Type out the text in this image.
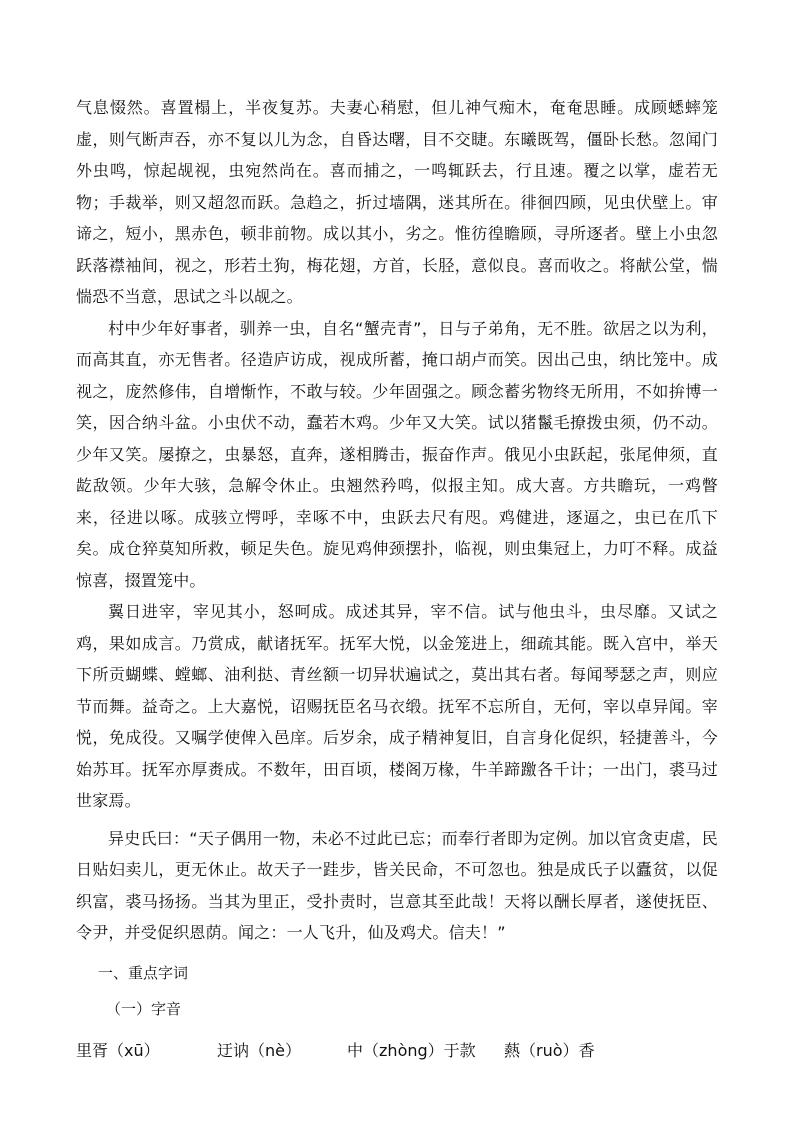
气息惙然。喜置榻上，半夜复苏。夫妻心稍慰，但儿神气痴木，奄奄思睡。成顾蟋蟀笼虚，则气断声吞，亦不复以儿为念，自昏达曙，目不交睫。东曦既驾，僵卧长愁。忽闻门外虫鸣，惊起觇视，虫宛然尚在。喜而捕之，一鸣辄跃去，行且速。覆之以掌，虚若无物；手裁举，则又超忽而跃。急趋之，折过墙隅，迷其所在。徘徊四顾，见虫伏壁上。审谛之，短小，黑赤色，顿非前物。成以其小，劣之。惟彷徨瞻顾，寻所逐者。壁上小虫忽跃落襟袖间，视之，形若土狗，梅花翅，方首，长胫，意似良。喜而收之。将献公堂，惴惴恐不当意，思试之斗以觇之。

村中少年好事者，驯养一虫，自名“蟹壳青”，日与子弟角，无不胜。欲居之以为利，而高其直，亦无售者。径造庐访成，视成所蓄，掩口胡卢而笑。因出己虫，纳比笼中。成视之，庞然修伟，自增惭怍，不敢与较。少年固强之。顾念蓄劣物终无所用，不如拚博一笑，因合纳斗盆。小虫伏不动，蠢若木鸡。少年又大笑。试以猪鬣毛撩拨虫须，仍不动。少年又笑。屡撩之，虫暴怒，直奔，遂相腾击，振奋作声。俄见小虫跃起，张尾伸须，直龁敌领。少年大骇，急解令休止。虫翘然矜鸣，似报主知。成大喜。方共瞻玩，一鸡瞥来，径进以啄。成骇立愕呼，幸啄不中，虫跃去尺有咫。鸡健进，逐逼之，虫已在爪下矣。成仓猝莫知所救，顿足失色。旋见鸡伸颈摆扑，临视，则虫集冠上，力叮不释。成益惊喜，掇置笼中。

翼日进宰，宰见其小，怒呵成。成述其异，宰不信。试与他虫斗，虫尽靡。又试之鸡，果如成言。乃赏成，献诸抚军。抚军大悦，以金笼进上，细疏其能。既入宫中，举天下所贡蝴蝶、螳螂、油利挞、青丝额一切异状遍试之，莫出其右者。每闻琴瑟之声，则应节而舞。益奇之。上大嘉悦，诏赐抚臣名马衣缎。抚军不忘所自，无何，宰以卓异闻。宰悦，免成役。又嘱学使俾入邑庠。后岁余，成子精神复旧，自言身化促织，轻捷善斗，今始苏耳。抚军亦厚赉成。不数年，田百顷，楼阁万椽，牛羊蹄躈各千计；一出门，裘马过世家焉。

异史氏曰：“天子偶用一物，未必不过此已忘；而奉行者即为定例。加以官贪吏虐，民日贴妇卖儿，更无休止。故天子一跬步，皆关民命，不可忽也。独是成氏子以蠹贫，以促织富，裘马扬扬。当其为里正，受扑责时，岂意其至此哉！天将以酬长厚者，遂使抚臣、令尹，并受促织恩荫。闻之：一人飞升，仙及鸡犬。信夫！”

一、重点字词
（一）字音
里胥（xū）	迂讷（nè）	中（zhòng）于款	爇（ruò）香
